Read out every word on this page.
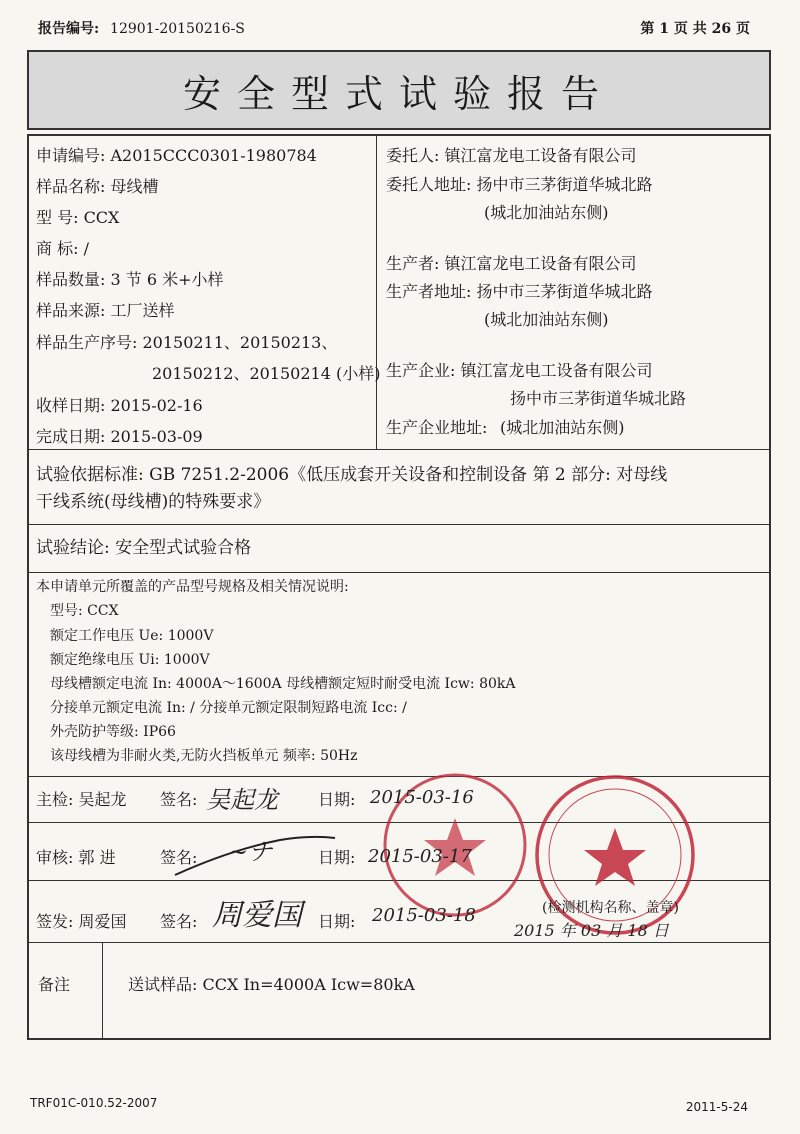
报告编号: 12901-20150216-S	第 1 页 共 26 页
安全型式试验报告
申请编号: A2015CCC0301-1980784
样品名称: 母线槽
型 号: CCX
商 标: /
样品数量: 3 节 6 米+小样
样品来源: 工厂送样
样品生产序号: 20150211、20150213、
20150212、20150214 (小样)
收样日期: 2015-02-16
完成日期: 2015-03-09
委托人: 镇江富龙电工设备有限公司
委托人地址: 扬中市三茅街道华城北路
(城北加油站东侧)
生产者: 镇江富龙电工设备有限公司
生产者地址: 扬中市三茅街道华城北路
(城北加油站东侧)
生产企业: 镇江富龙电工设备有限公司
扬中市三茅街道华城北路
生产企业地址: (城北加油站东侧)
试验依据标准: GB 7251.2-2006《低压成套开关设备和控制设备 第 2 部分: 对母线
干线系统(母线槽)的特殊要求》
试验结论: 安全型式试验合格
本申请单元所覆盖的产品型号规格及相关情况说明:
型号: CCX
额定工作电压 Ue: 1000V
额定绝缘电压 Ui: 1000V
母线槽额定电流 In: 4000A～1600A 母线槽额定短时耐受电流 Icw: 80kA
分接单元额定电流 In: / 分接单元额定限制短路电流 Icc: /
外壳防护等级: IP66
该母线槽为非耐火类,无防火挡板单元 频率: 50Hz
主检: 吴起龙 签名: 吴起龙	日期: 2015-03-16
审核: 郭 进	签名: ~ナ	日期: 2015-03-17
签发: 周爱国 签名: 周爱国 日期: 2015-03-18	(检测机构名称、盖章)
2015 年 03 月 18 日
备注	送试样品: CCX In=4000A Icw=80kA
TRF01C-010.52-2007	2011-5-24
